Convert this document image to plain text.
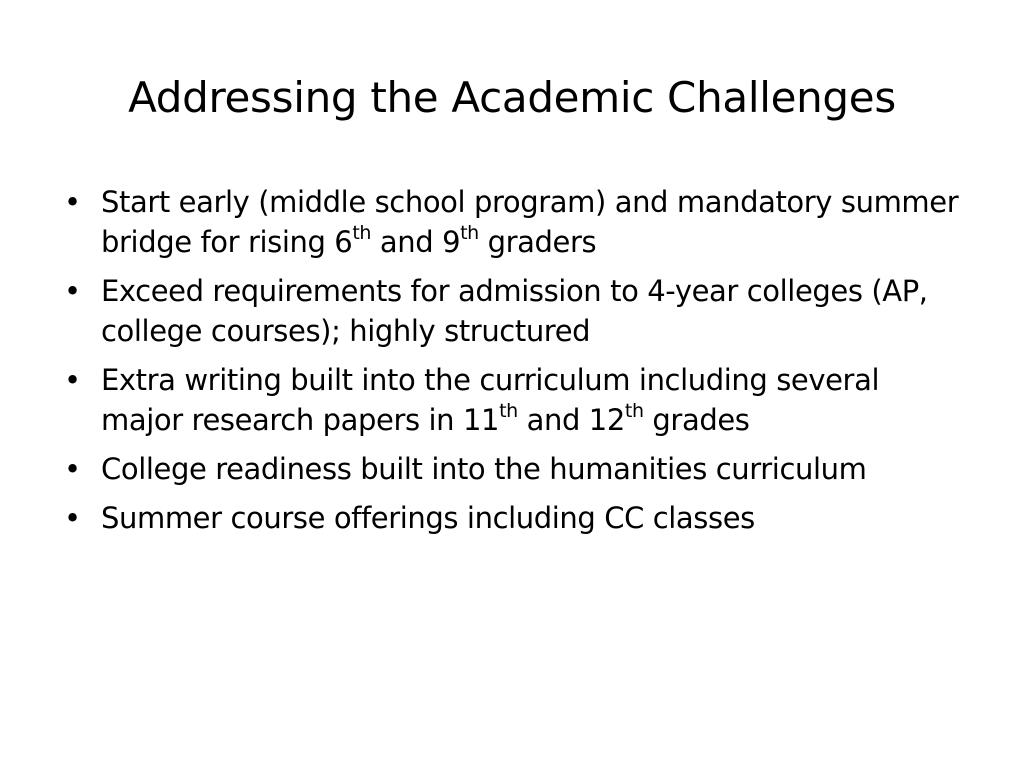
Addressing the Academic Challenges
• Start early (middle school program) and mandatory summer bridge for rising 6th and 9th graders
• Exceed requirements for admission to 4-year colleges (AP, college courses); highly structured
• Extra writing built into the curriculum including several major research papers in 11th and 12th grades
• College readiness built into the humanities curriculum
• Summer course offerings including CC classes
